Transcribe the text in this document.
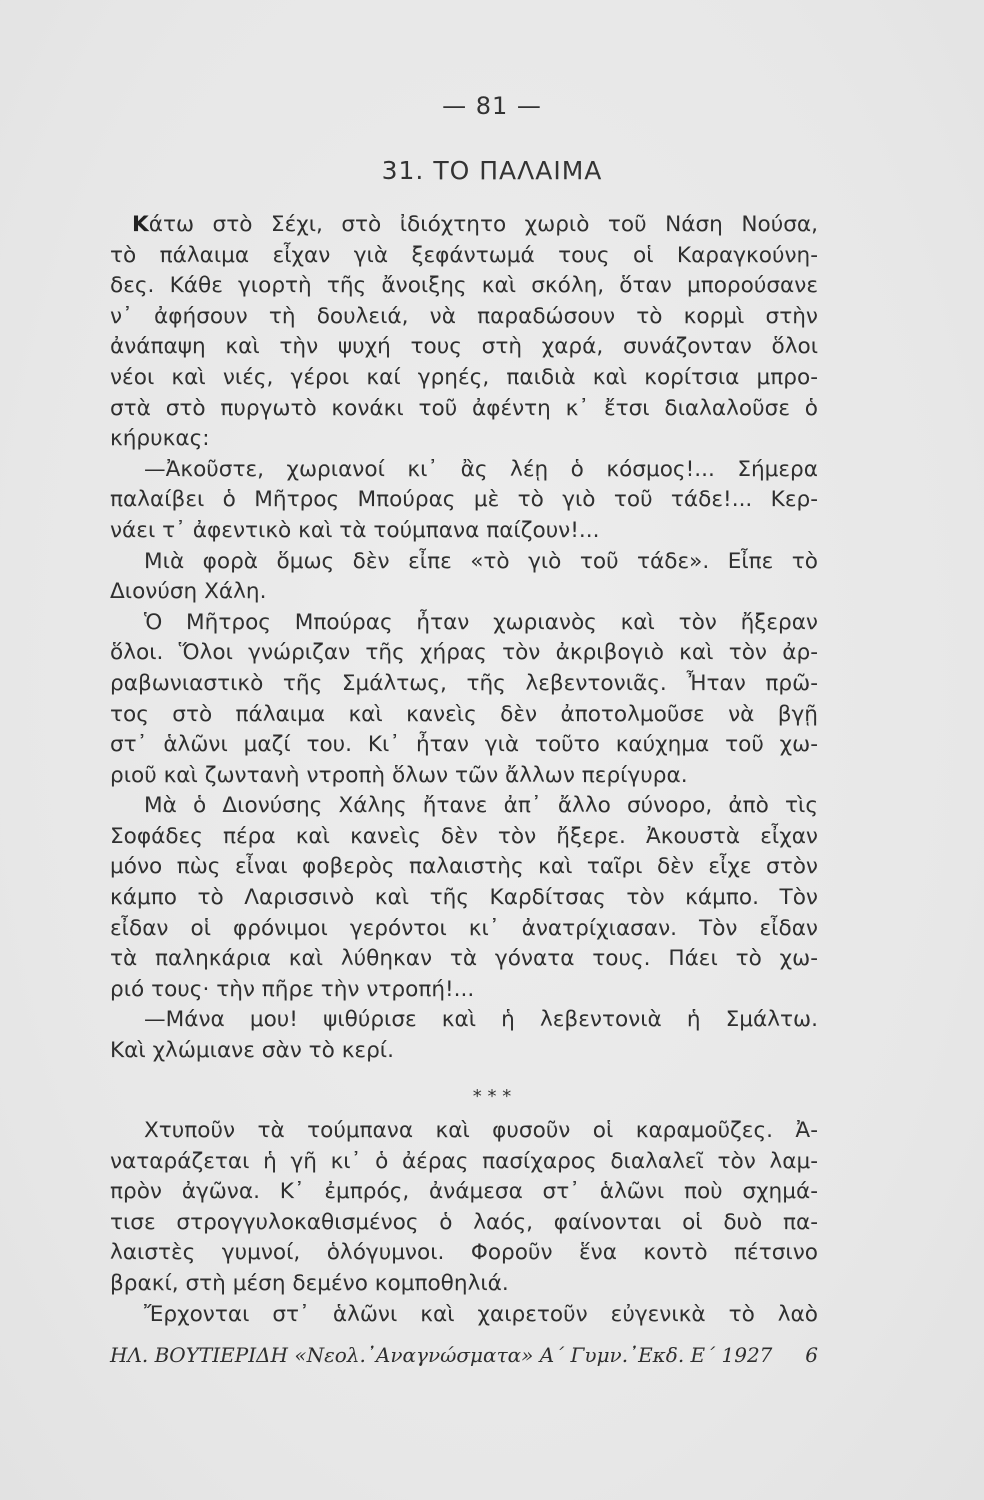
— 81 —
31. ΤΟ ΠΑΛΑΙΜΑ
Κάτω στὸ Σέχι, στὸ ἰδιόχτητο χωριὸ τοῦ Νάση Νούσα,
τὸ πάλαιμα εἶχαν γιὰ ξεφάντωμά τους οἱ Καραγκούνη-
δες. Κάθε γιορτὴ τῆς ἄνοιξης καὶ σκόλη, ὅταν μπορούσανε
ν᾿ ἀφήσουν τὴ δουλειά, νὰ παραδώσουν τὸ κορμὶ στὴν
ἀνάπαψη καὶ τὴν ψυχή τους στὴ χαρά, συνάζονταν ὅλοι
νέοι καὶ νιές, γέροι καί γρηές, παιδιὰ καὶ κορίτσια μπρο-
στὰ στὸ πυργωτὸ κονάκι τοῦ ἀφέντη κ᾿ ἔτσι διαλαλοῦσε ὁ
κήρυκας:
—Ἀκοῦστε, χωριανοί κι᾿ ἂς λέῃ ὁ κόσμος!... Σήμερα
παλαίβει ὁ Μῆτρος Μπούρας μὲ τὸ γιὸ τοῦ τάδε!... Κερ-
νάει τ᾿ ἀφεντικὸ καὶ τὰ τούμπανα παίζουν!...
Μιὰ φορὰ ὅμως δὲν εἶπε «τὸ γιὸ τοῦ τάδε». Εἶπε τὸ
Διονύση Χάλη.
Ὁ Μῆτρος Μπούρας ἦταν χωριανὸς καὶ τὸν ἤξεραν
ὅλοι. Ὅλοι γνώριζαν τῆς χήρας τὸν ἀκριβογιὸ καὶ τὸν ἀρ-
ραβωνιαστικὸ τῆς Σμάλτως, τῆς λεβεντονιᾶς. Ἦταν πρῶ-
τος στὸ πάλαιμα καὶ κανεὶς δὲν ἀποτολμοῦσε νὰ βγῇ
στ᾿ ἁλῶνι μαζί του. Κι᾿ ἦταν γιὰ τοῦτο καύχημα τοῦ χω-
ριοῦ καὶ ζωντανὴ ντροπὴ ὅλων τῶν ἄλλων περίγυρα.
Μὰ ὁ Διονύσης Χάλης ἤτανε ἀπ᾿ ἄλλο σύνορο, ἀπὸ τὶς
Σοφάδες πέρα καὶ κανεὶς δὲν τὸν ἤξερε. Ἀκουστὰ εἶχαν
μόνο πὼς εἶναι φοβερὸς παλαιστὴς καὶ ταῖρι δὲν εἶχε στὸν
κάμπο τὸ Λαρισσινὸ καὶ τῆς Καρδίτσας τὸν κάμπο. Τὸν
εἶδαν οἱ φρόνιμοι γερόντοι κι᾿ ἀνατρίχιασαν. Τὸν εἶδαν
τὰ παληκάρια καὶ λύθηκαν τὰ γόνατα τους. Πάει τὸ χω-
ριό τους· τὴν πῆρε τὴν ντροπή!...
—Μάνα μου! ψιθύρισε καὶ ἡ λεβεντονιὰ ἡ Σμάλτω.
Καὶ χλώμιανε σὰν τὸ κερί.
* * *
Χτυποῦν τὰ τούμπανα καὶ φυσοῦν οἱ καραμοῦζες. Ἀ-
ναταράζεται ἡ γῆ κι᾿ ὁ ἀέρας πασίχαρος διαλαλεῖ τὸν λαμ-
πρὸν ἀγῶνα. Κ᾿ ἐμπρός, ἀνάμεσα στ᾿ ἁλῶνι ποὺ σχημά-
τισε στρογγυλοκαθισμένος ὁ λαός, φαίνονται οἱ δυὸ πα-
λαιστὲς γυμνοί, ὁλόγυμνοι. Φοροῦν ἕνα κοντὸ πέτσινο
βρακί, στὴ μέση δεμένο κομποθηλιά.
Ἔρχονται στ᾿ ἁλῶνι καὶ χαιρετοῦν εὐγενικὰ τὸ λαὸ
ΗΛ. ΒΟΥΤΙΕΡΙΔΗ «Νεολ.᾿Αναγνώσματα» Α΄ Γυμν.᾿Εκδ. Ε΄ 1927 6
